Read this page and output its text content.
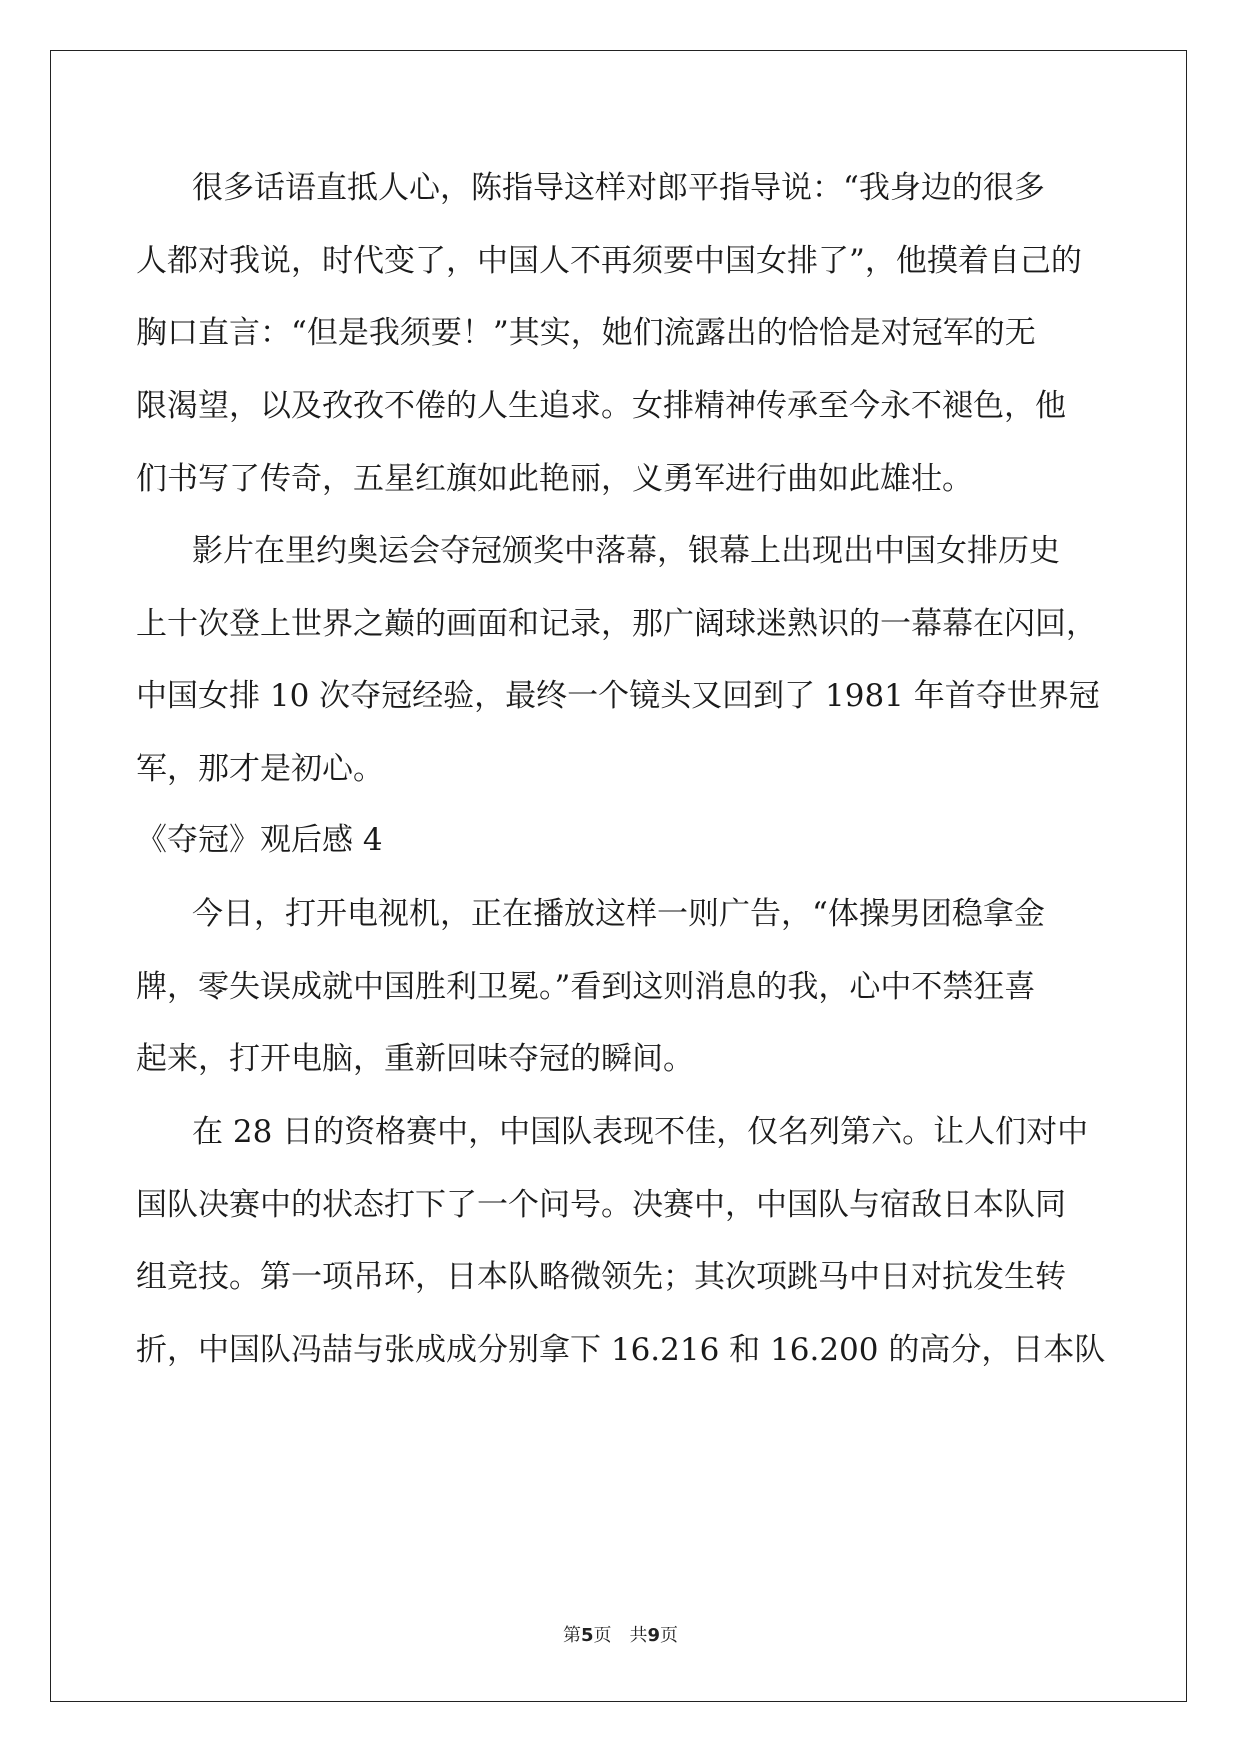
很多话语直抵人心，陈指导这样对郎平指导说：“我身边的很多
人都对我说，时代变了，中国人不再须要中国女排了”，他摸着自己的
胸口直言：“但是我须要！”其实，她们流露出的恰恰是对冠军的无
限渴望，以及孜孜不倦的人生追求。女排精神传承至今永不褪色，他
们书写了传奇，五星红旗如此艳丽，义勇军进行曲如此雄壮。
影片在里约奥运会夺冠颁奖中落幕，银幕上出现出中国女排历史
上十次登上世界之巅的画面和记录，那广阔球迷熟识的一幕幕在闪回，
中国女排 10 次夺冠经验，最终一个镜头又回到了 1981 年首夺世界冠
军，那才是初心。
《夺冠》观后感 4
今日，打开电视机，正在播放这样一则广告，“体操男团稳拿金
牌，零失误成就中国胜利卫冕。”看到这则消息的我，心中不禁狂喜
起来，打开电脑，重新回味夺冠的瞬间。
在 28 日的资格赛中，中国队表现不佳，仅名列第六。让人们对中
国队决赛中的状态打下了一个问号。决赛中，中国队与宿敌日本队同
组竞技。第一项吊环，日本队略微领先；其次项跳马中日对抗发生转
折，中国队冯喆与张成成分别拿下 16.216 和 16.200 的高分，日本队
第5页　共9页
